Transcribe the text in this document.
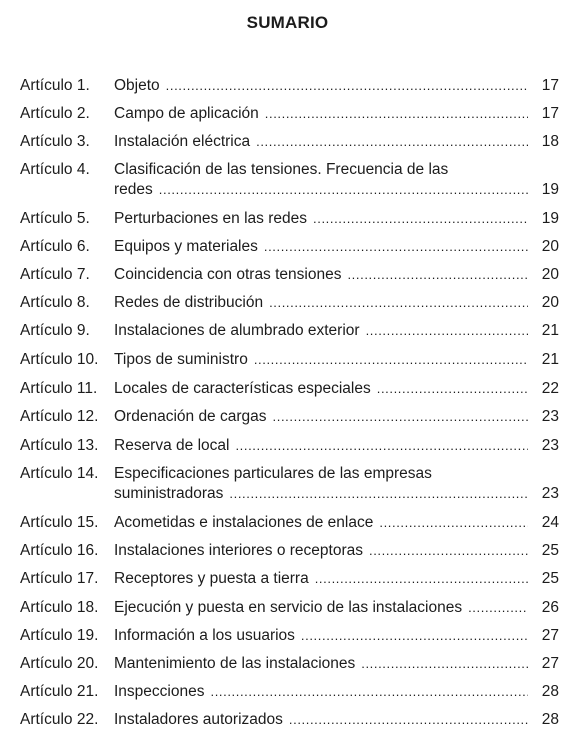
SUMARIO
Artículo 1. Objeto .....	17
Artículo 2. Campo de aplicación .....	17
Artículo 3. Instalación eléctrica .....	18
Artículo 4. Clasificación de las tensiones. Frecuencia de las
redes .....	19
Artículo 5. Perturbaciones en las redes .....	19
Artículo 6. Equipos y materiales .....	20
Artículo 7. Coincidencia con otras tensiones .....	20
Artículo 8. Redes de distribución .....	20
Artículo 9. Instalaciones de alumbrado exterior .....	21
Artículo 10. Tipos de suministro .....	21
Artículo 11. Locales de características especiales .....	22
Artículo 12. Ordenación de cargas .....	23
Artículo 13. Reserva de local .....	23
Artículo 14. Especificaciones particulares de las empresas
suministradoras .....	23
Artículo 15. Acometidas e instalaciones de enlace .....	24
Artículo 16. Instalaciones interiores o receptoras .....	25
Artículo 17. Receptores y puesta a tierra .....	25
Artículo 18. Ejecución y puesta en servicio de las instalaciones .....	26
Artículo 19. Información a los usuarios .....	27
Artículo 20. Mantenimiento de las instalaciones .....	27
Artículo 21. Inspecciones .....	28
Artículo 22. Instaladores autorizados .....	28
